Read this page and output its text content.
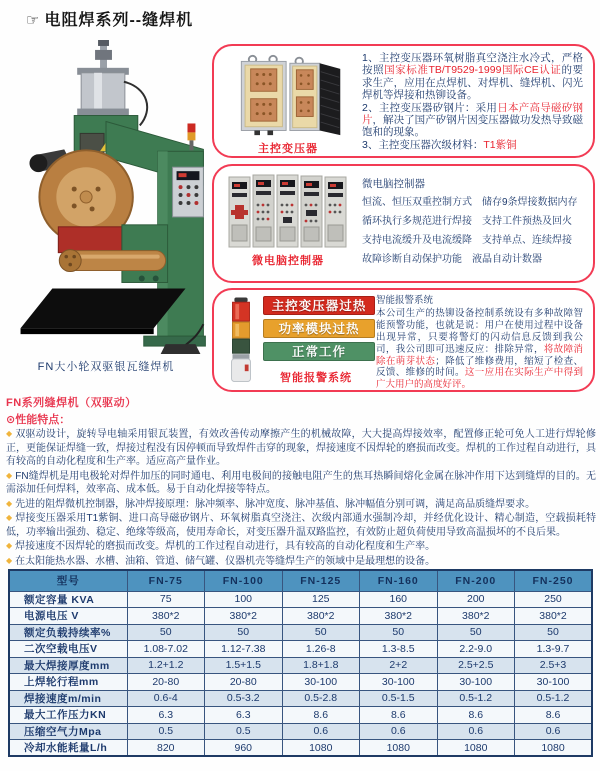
☞ 电阻焊系列--缝焊机
FN大小轮双驱银瓦缝焊机
主控变压器

1、主控变压器环氧树脂真空浇注水冷式，严格按照国家标准TB/T9529-1999国际CE认证的要求生产，应用在点焊机、对焊机、缝焊机、闪光焊机等焊接和热铆设备。

2、主控变压器矽钢片：采用日本产高导磁矽钢片，解决了国产矽钢片因变压器做功发热导致磁饱和的现象。

3、主控变压器次级材料：T1紫铜

微电脑控制器
微电脑控制器
恒流、恒压双重控制方式 储存9条焊接数据内存
循环执行多规范进行焊接 支持工件预热及回火
支持电流缓升及电流缓降 支持单点、连续焊接
故障诊断自动保护功能 液晶自动计数器
主控变压器过热
功率模块过热
正常工作
智能报警系统
智能报警系统

本公司生产的热铆设备控制系统设有多种故障智能预警功能，也就是说：用户在使用过程中设备出现异常，只要将警灯的闪动信息反馈到我公司，我公司即可迅速反应：排除异常，将故障消除在萌芽状态；降低了维修费用，缩短了检查、反馈、维修的时间。这一应用在实际生产中得到广大用户的高度好评。

FN系列缝焊机（双驱动）
⊙性能特点：
◆ 双驱动设计，旋转导电轴采用银瓦装置，有效改善传动摩擦产生的机械故障，大大提高焊接效率，配置修正轮可免人工进行焊轮修正，更能保证焊缝一致，焊接过程没有因停顿而导致焊件击穿的现象，焊接速度不因焊轮的磨损而改变。焊机的工作过程自动进行，具有较高的自动化程度和生产率。适应高产量作业。
◆ FN缝焊机是用电极轮对焊件加压的同时通电、利用电极间的接触电阻产生的焦耳热瞬间熔化金属在脉冲作用下达到缝焊的目的。无需添加任何焊料，效率高、成本低。易于自动化焊接等特点。
◆ 先进的阻焊微机控制器，脉冲焊接原理：脉冲频率、脉冲宽度、脉冲基值、脉冲幅值分别可调，满足高品质缝焊要求。
◆ 焊接变压器采用T1紫铜、进口高导磁矽钢片、环氧树脂真空浇注、次级内部通水强制冷却，并经优化设计、精心制造，空载损耗特低，功率输出强劲、稳定、绝缘等级高，使用寿命长，对变压器升温双路监控，有效防止超负荷使用导致高温损坏的不良后果。
◆ 焊接速度不因焊轮的磨损而改变。焊机的工作过程自动进行，具有较高的自动化程度和生产率。
◆ 在太阳能热水器、水槽、油箱、管道、储气罐、仪器机壳等缝焊生产的领域中是最理想的设备。
型号	FN-75	FN-100	FN-125	FN-160	FN-200	FN-250
额定容量 KVA	75	100	125	160	200	250
电源电压 V	380*2	380*2	380*2	380*2	380*2	380*2
额定负载持续率%	50	50	50	50	50	50
二次空载电压V	1.08-7.02	1.12-7.38	1.26-8	1.3-8.5	2.2-9.0	1.3-9.7
最大焊接厚度mm	1.2+1.2	1.5+1.5	1.8+1.8	2+2	2.5+2.5	2.5+3
上焊轮行程mm	20-80	20-80	30-100	30-100	30-100	30-100
焊接速度m/min	0.6-4	0.5-3.2	0.5-2.8	0.5-1.5	0.5-1.2	0.5-1.2
最大工作压力KN	6.3	6.3	8.6	8.6	8.6	8.6
压缩空气力Mpa	0.5	0.5	0.6	0.6	0.6	0.6
冷却水能耗量L/h	820	960	1080	1080	1080	1080
